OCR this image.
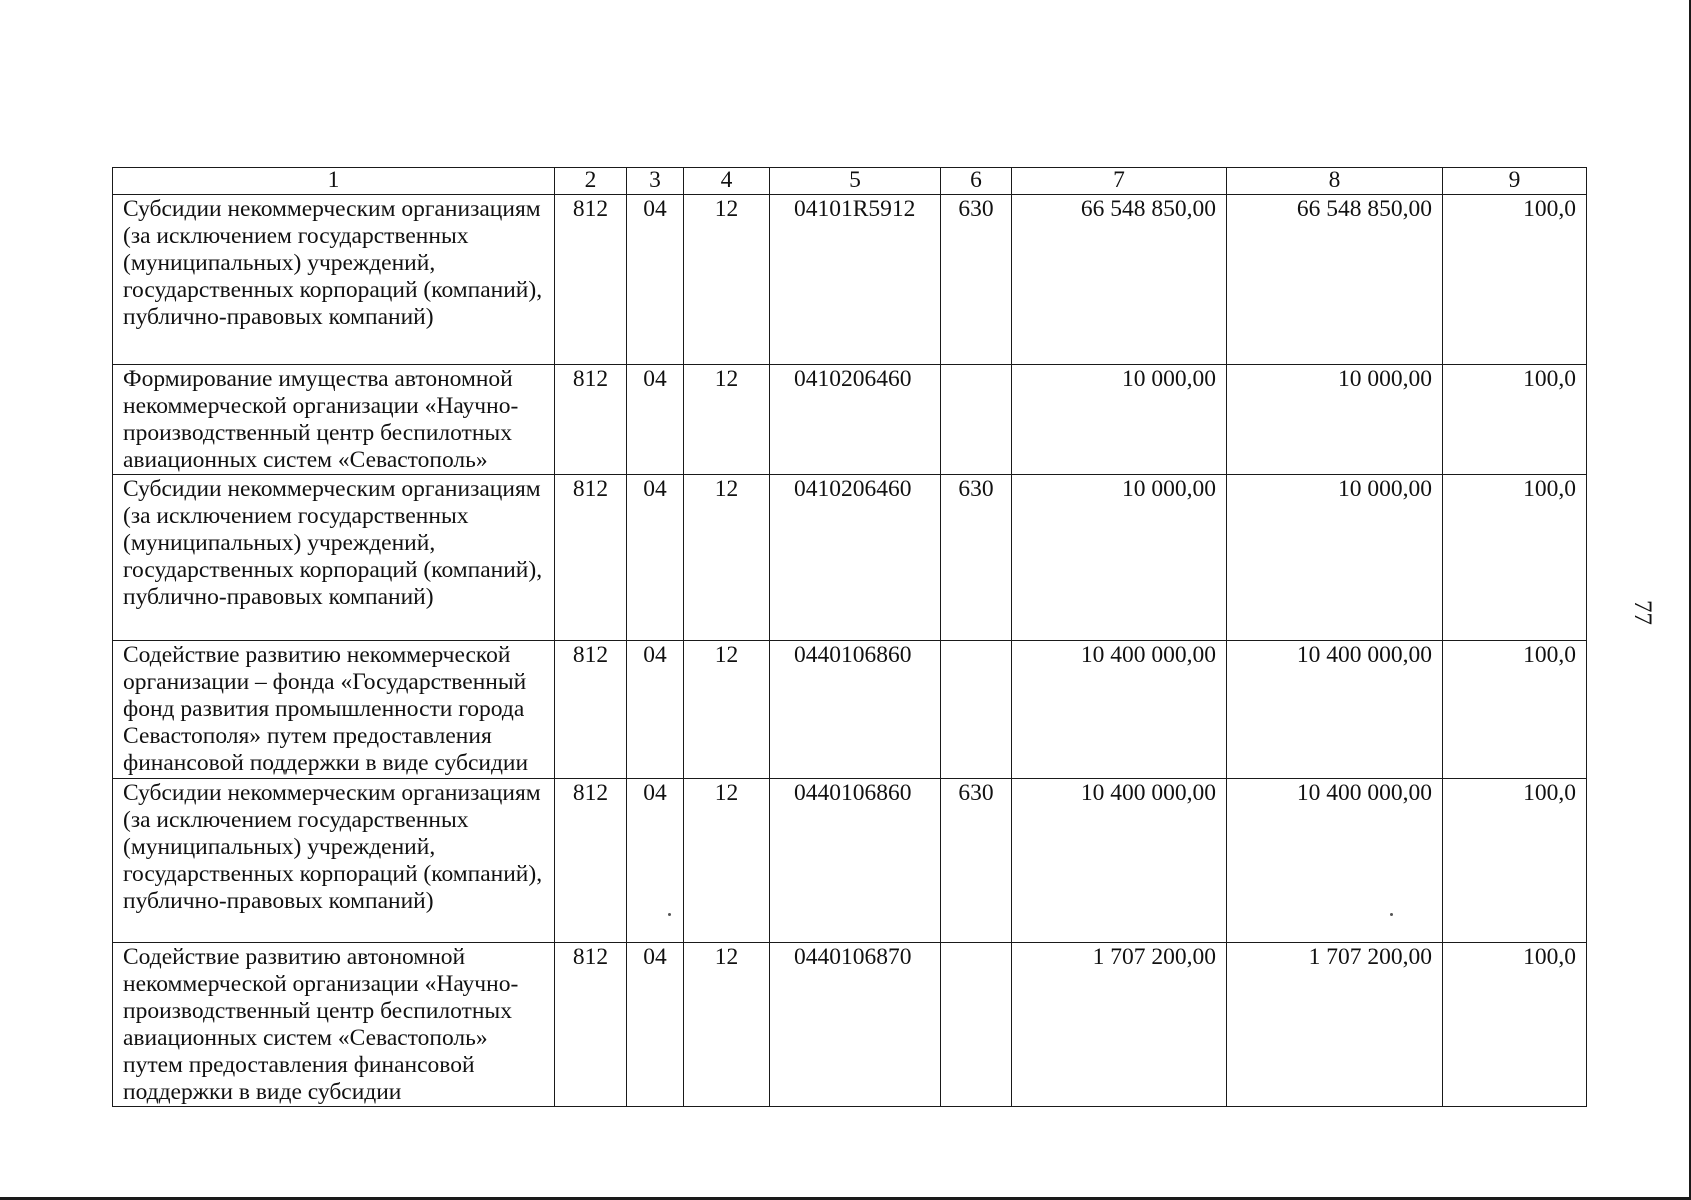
1	2	3	4	5	6	7	8	9
Субсидии некоммерческим организациям (за исключением государственных (муниципальных) учреждений, государственных корпораций (компаний), публично-правовых компаний)	812	04	12	04101R5912	630	66 548 850,00	66 548 850,00	100,0
Формирование имущества автономной некоммерческой организации «Научно-производственный центр беспилотных авиационных систем «Севастополь»	812	04	12	0410206460		10 000,00	10 000,00	100,0
Субсидии некоммерческим организациям (за исключением государственных (муниципальных) учреждений, государственных корпораций (компаний), публично-правовых компаний)	812	04	12	0410206460	630	10 000,00	10 000,00	100,0
Содействие развитию некоммерческой организации – фонда «Государственный фонд развития промышленности города Севастополя» путем предоставления финансовой поддержки в виде субсидии	812	04	12	0440106860		10 400 000,00	10 400 000,00	100,0
Субсидии некоммерческим организациям (за исключением государственных (муниципальных) учреждений, государственных корпораций (компаний), публично-правовых компаний)	812	04	12	0440106860	630	10 400 000,00	10 400 000,00	100,0
Содействие развитию автономной некоммерческой организации «Научно-производственный центр беспилотных авиационных систем «Севастополь» путем предоставления финансовой поддержки в виде субсидии	812	04	12	0440106870		1 707 200,00	1 707 200,00	100,0
77
